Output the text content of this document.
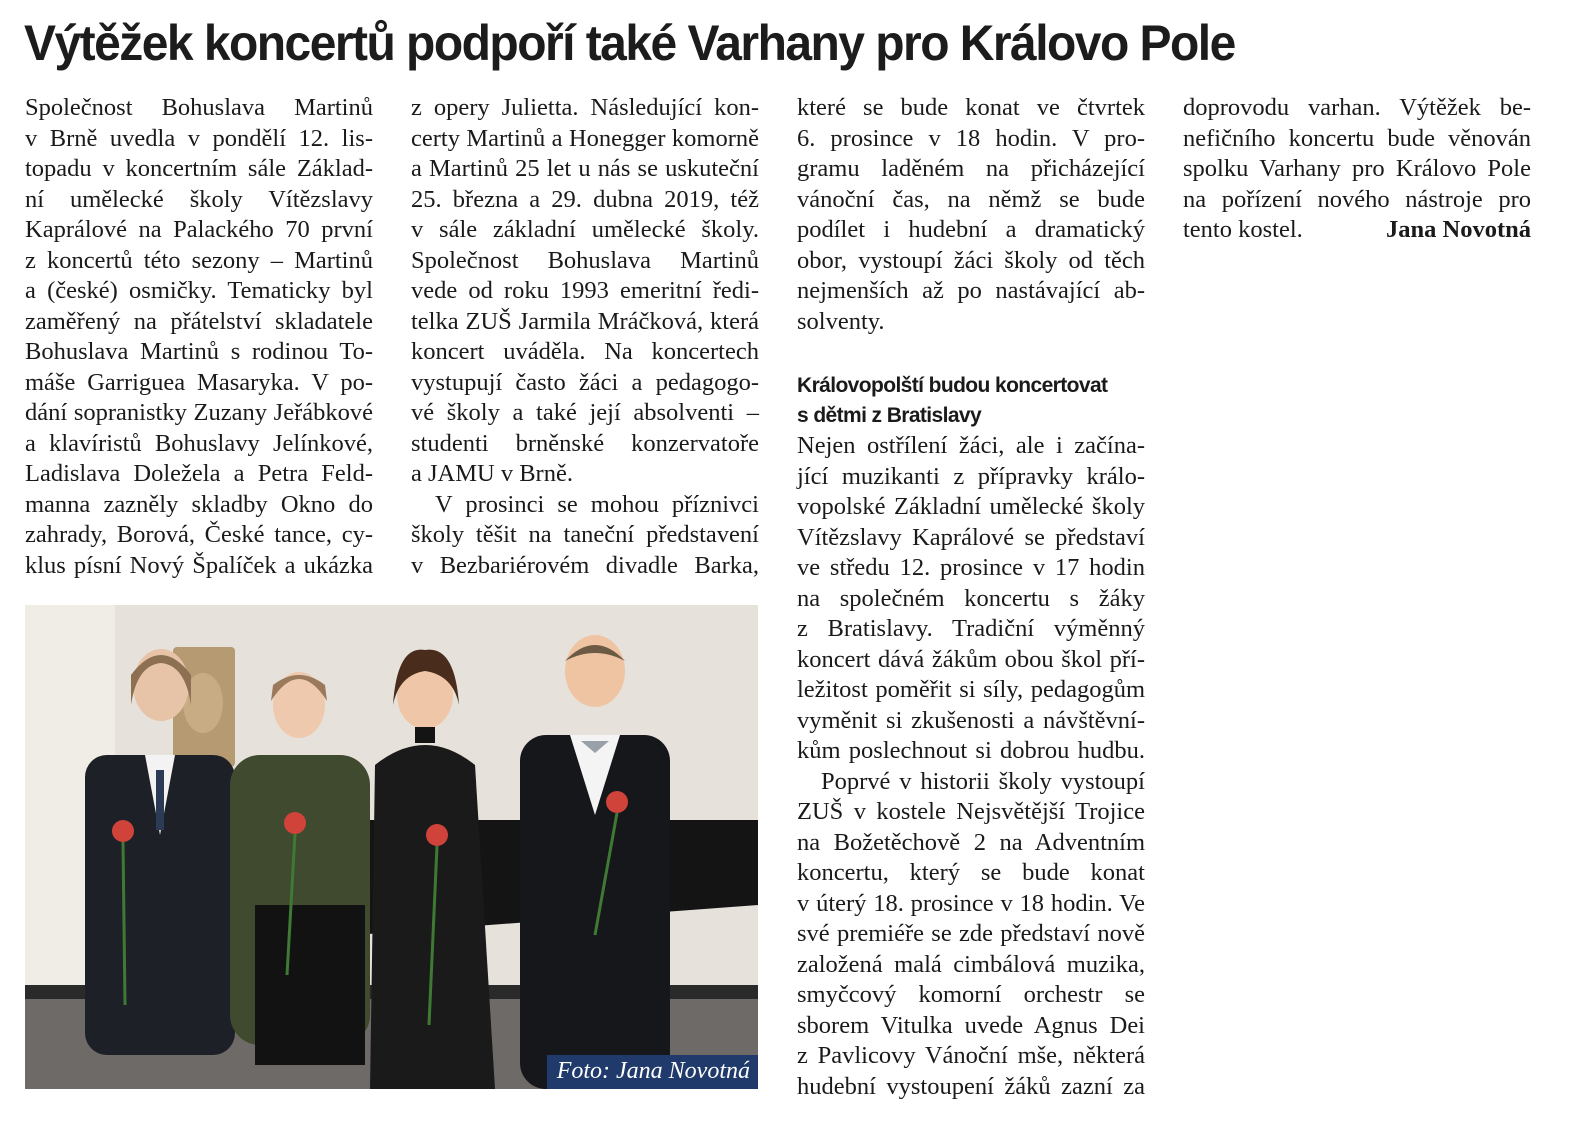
Výtěžek koncertů podpoří také Varhany pro Královo Pole
Společnost Bohuslava Martinů
v Brně uvedla v pondělí 12. lis-
topadu v koncertním sále Základ-
ní umělecké školy Vítězslavy
Kaprálové na Palackého 70 první
z koncertů této sezony – Martinů
a (české) osmičky. Tematicky byl
zaměřený na přátelství skladatele
Bohuslava Martinů s rodinou To-
máše Garriguea Masaryka. V po-
dání sopranistky Zuzany Jeřábkové
a klavíristů Bohuslavy Jelínkové,
Ladislava Doležela a Petra Feld-
manna zazněly skladby Okno do
zahrady, Borová, České tance, cy-
klus písní Nový Špalíček a ukázka
z opery Julietta. Následující kon-
certy Martinů a Honegger komorně
a Martinů 25 let u nás se uskuteční
25. března a 29. dubna 2019, též
v sále základní umělecké školy.
Společnost Bohuslava Martinů
vede od roku 1993 emeritní ředi-
telka ZUŠ Jarmila Mráčková, která
koncert uváděla. Na koncertech
vystupují často žáci a pedagogo-
vé školy a také její absolventi –
studenti brněnské konzervatoře
a JAMU v Brně.
V prosinci se mohou příznivci
školy těšit na taneční představení
v Bezbariérovém divadle Barka,
které se bude konat ve čtvrtek
6. prosince v 18 hodin. V pro-
gramu laděném na přicházející
vánoční čas, na němž se bude
podílet i hudební a dramatický
obor, vystoupí žáci školy od těch
nejmenších až po nastávající ab-
solventy.
Královopolští budou koncertovat
s dětmi z Bratislavy
Nejen ostřílení žáci, ale i začína-
jící muzikanti z přípravky králo-
vopolské Základní umělecké školy
Vítězslavy Kaprálové se představí
ve středu 12. prosince v 17 hodin
na společném koncertu s žáky
z Bratislavy. Tradiční výměnný
koncert dává žákům obou škol pří-
ležitost poměřit si síly, pedagogům
vyměnit si zkušenosti a návštěvní-
kům poslechnout si dobrou hudbu.
Poprvé v historii školy vystoupí
ZUŠ v kostele Nejsvětější Trojice
na Božetěchově 2 na Adventním
koncertu, který se bude konat
v úterý 18. prosince v 18 hodin. Ve
své premiéře se zde představí nově
založená malá cimbálová muzika,
smyčcový komorní orchestr se
sborem Vitulka uvede Agnus Dei
z Pavlicovy Vánoční mše, některá
hudební vystoupení žáků zazní za
doprovodu varhan. Výtěžek be-
nefičního koncertu bude věnován
spolku Varhany pro Královo Pole
na pořízení nového nástroje pro
tento kostel.	Jana Novotná
Foto: Jana Novotná
